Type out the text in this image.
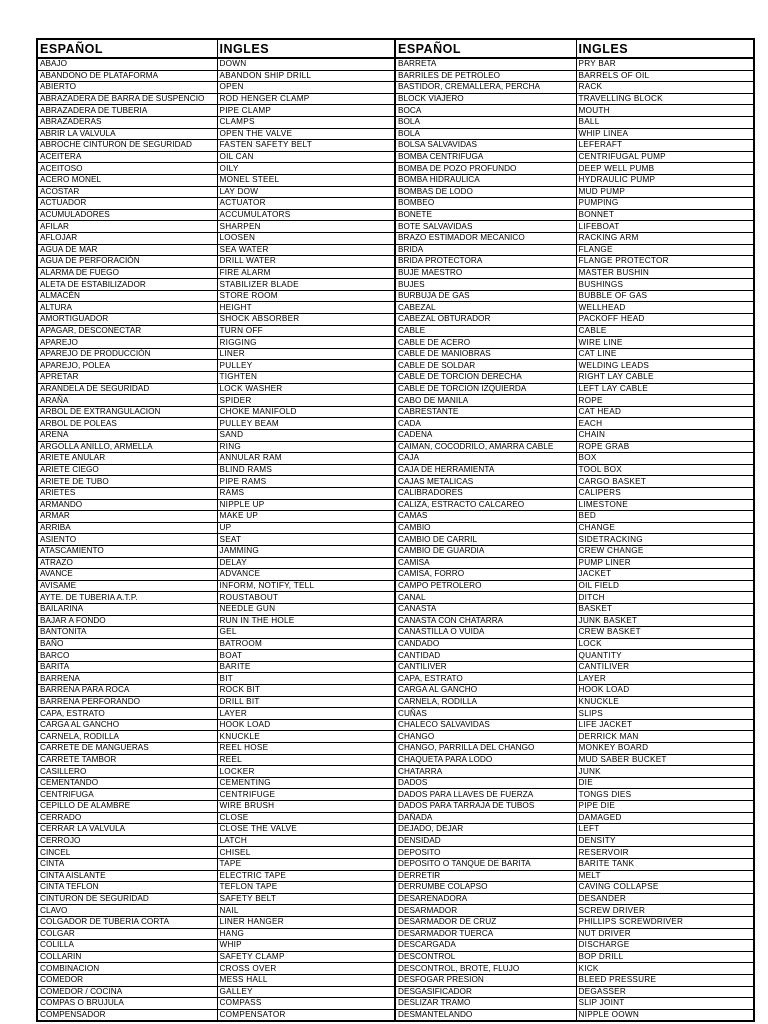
ESPAÑOL	INGLES	ESPAÑOL	INGLES
ABAJO	DOWN	BARRETA	PRY BAR
ABANDONO DE PLATAFORMA	ABANDON SHIP DRILL	BARRILES DE PETROLEO	BARRELS OF OIL
ABIERTO	OPEN	BASTIDOR, CREMALLERA, PERCHA	RACK
ABRAZADERA DE BARRA DE SUSPENCIO	ROD HENGER CLAMP	BLOCK VIAJERO	TRAVELLING BLOCK
ABRAZADERA DE TUBERIA	PIPE CLAMP	BOCA	MOUTH
ABRAZADERAS	CLAMPS	BOLA	BALL
ABRIR LA VALVULA	OPEN THE VALVE	BOLA	WHIP LINEA
ABROCHE CINTURON DE SEGURIDAD	FASTEN SAFETY BELT	BOLSA SALVAVIDAS	LEFERAFT
ACEITERA	OIL CAN	BOMBA CENTRIFUGA	CENTRIFUGAL PUMP
ACEITOSO	OILY	BOMBA DE POZO PROFUNDO	DEEP WELL PUMB
ACERO MONEL	MONEL STEEL	BOMBA HIDRAULICA	HYDRAULIC PUMP
ACOSTAR	LAY DOW	BOMBAS DE LODO	MUD PUMP
ACTUADOR	ACTUATOR	BOMBEO	PUMPING
ACUMULADORES	ACCUMULATORS	BONETE	BONNET
AFILAR	SHARPEN	BOTE SALVAVIDAS	LIFEBOAT
AFLOJAR	LOOSEN	BRAZO ESTIMADOR MECANICO	RACKING ARM
AGUA DE MAR	SEA WATER	BRIDA	FLANGE
AGUA DE PERFORACIÓN	DRILL WATER	BRIDA PROTECTORA	FLANGE PROTECTOR
ALARMA DE FUEGO	FIRE ALARM	BUJE MAESTRO	MASTER BUSHIN
ALETA DE ESTABILIZADOR	STABILIZER BLADE	BUJES	BUSHINGS
ALMACÉN	STORE ROOM	BURBUJA DE GAS	BUBBLE OF GAS
ALTURA	HEIGHT	CABEZAL	WELLHEAD
AMORTIGUADOR	SHOCK ABSORBER	CABEZAL OBTURADOR	PACKOFF HEAD
APAGAR, DESCONECTAR	TURN OFF	CABLE	CABLE
APAREJO	RIGGING	CABLE DE ACERO	WIRE LINE
APAREJO DE PRODUCCIÓN	LINER	CABLE DE MANIOBRAS	CAT LINE
APAREJO, POLEA	PULLEY	CABLE DE SOLDAR	WELDING LEADS
APRETAR	TIGHTEN	CABLE DE TORCION DERECHA	RIGHT LAY CABLE
ARANDELA DE SEGURIDAD	LOCK WASHER	CABLE DE TORCION IZQUIERDA	LEFT LAY CABLE
ARAÑA	SPIDER	CABO DE MANILA	ROPE
ARBOL DE EXTRANGULACION	CHOKE MANIFOLD	CABRESTANTE	CAT HEAD
ARBOL DE POLEAS	PULLEY BEAM	CADA	EACH
ARENA	SAND	CADENA	CHAIN
ARGOLLA ANILLO, ARMELLA	RING	CAIMAN, COCODRILO, AMARRA CABLE	ROPE GRAB
ARIETE ANULAR	ANNULAR RAM	CAJA	BOX
ARIETE CIEGO	BLIND RAMS	CAJA DE HERRAMIENTA	TOOL BOX
ARIETE DE TUBO	PIPE RAMS	CAJAS METALICAS	CARGO BASKET
ARIETES	RAMS	CALIBRADORES	CALIPERS
ARMANDO	NIPPLE UP	CALIZA, ESTRACTO CALCAREO	LIMESTONE
ARMAR	MAKE UP	CAMAS	BED
ARRIBA	UP	CAMBIO	CHANGE
ASIENTO	SEAT	CAMBIO DE CARRIL	SIDETRACKING
ATASCAMIENTO	JAMMING	CAMBIO DE GUARDIA	CREW CHANGE
ATRAZO	DELAY	CAMISA	PUMP LINER
AVANCE	ADVANCE	CAMISA, FORRO	JACKET
AVISAME	INFORM, NOTIFY, TELL	CAMPO PETROLERO	OIL FIELD
AYTE. DE TUBERIA A.T.P.	ROUSTABOUT	CANAL	DITCH
BAILARINA	NEEDLE GUN	CANASTA	BASKET
BAJAR A FONDO	RUN IN THE HOLE	CANASTA CON CHATARRA	JUNK BASKET
BANTONITA	GEL	CANASTILLA O VUIDA	CREW BASKET
BAÑO	BATROOM	CANDADO	LOCK
BARCO	BOAT	CANTIDAD	QUANTITY
BARITA	BARITE	CANTILIVER	CANTILIVER
BARRENA	BIT	CAPA, ESTRATO	LAYER
BARRENA PARA ROCA	ROCK BIT	CARGA AL GANCHO	HOOK LOAD
BARRENA PERFORANDO	DRILL BIT	CARNELA, RODILLA	KNUCKLE
CAPA, ESTRATO	LAYER	CUÑAS	SLIPS
CARGA AL GANCHO	HOOK LOAD	CHALECO SALVAVIDAS	LIFE JACKET
CARNELA, RODILLA	KNUCKLE	CHANGO	DERRICK MAN
CARRETE DE MANGUERAS	REEL HOSE	CHANGO, PARRILLA DEL CHANGO	MONKEY BOARD
CARRETE TAMBOR	REEL	CHAQUETA PARA LODO	MUD SABER BUCKET
CASILLERO	LOCKER	CHATARRA	JUNK
CEMENTANDO	CEMENTING	DADOS	DIE
CENTRIFUGA	CENTRIFUGE	DADOS PARA LLAVES DE FUERZA	TONGS DIES
CEPILLO DE ALAMBRE	WIRE BRUSH	DADOS PARA TARRAJA DE TUBOS	PIPE DIE
CERRADO	CLOSE	DAÑADA	DAMAGED
CERRAR LA VALVULA	CLOSE THE VALVE	DEJADO, DEJAR	LEFT
CERROJO	LATCH	DENSIDAD	DENSITY
CINCEL	CHISEL	DEPOSITO	RESERVOIR
CINTA	TAPE	DEPOSITO O TANQUE DE BARITA	BARITE TANK
CINTA AISLANTE	ELECTRIC TAPE	DERRETIR	MELT
CINTA TEFLON	TEFLON TAPE	DERRUMBE COLAPSO	CAVING COLLAPSE
CINTURON DE SEGURIDAD	SAFETY BELT	DESARENADORA	DESANDER
CLAVO	NAIL	DESARMADOR	SCREW DRIVER
COLGADOR DE TUBERIA CORTA	LINER HANGER	DESARMADOR DE CRUZ	PHILLIPS SCREWDRIVER
COLGAR	HANG	DESARMADOR TUERCA	NUT DRIVER
COLILLA	WHIP	DESCARGADA	DISCHARGE
COLLARIN	SAFETY CLAMP	DESCONTROL	BOP DRILL
COMBINACION	CROSS OVER	DESCONTROL, BROTE, FLUJO	KICK
COMEDOR	MESS HALL	DESFOGAR PRESION	BLEED PRESSURE
COMEDOR / COCINA	GALLEY	DESGASIFICADOR	DEGASSER
COMPAS O BRUJULA	COMPASS	DESLIZAR TRAMO	SLIP JOINT
COMPENSADOR	COMPENSATOR	DESMANTELANDO	NIPPLE OOWN
